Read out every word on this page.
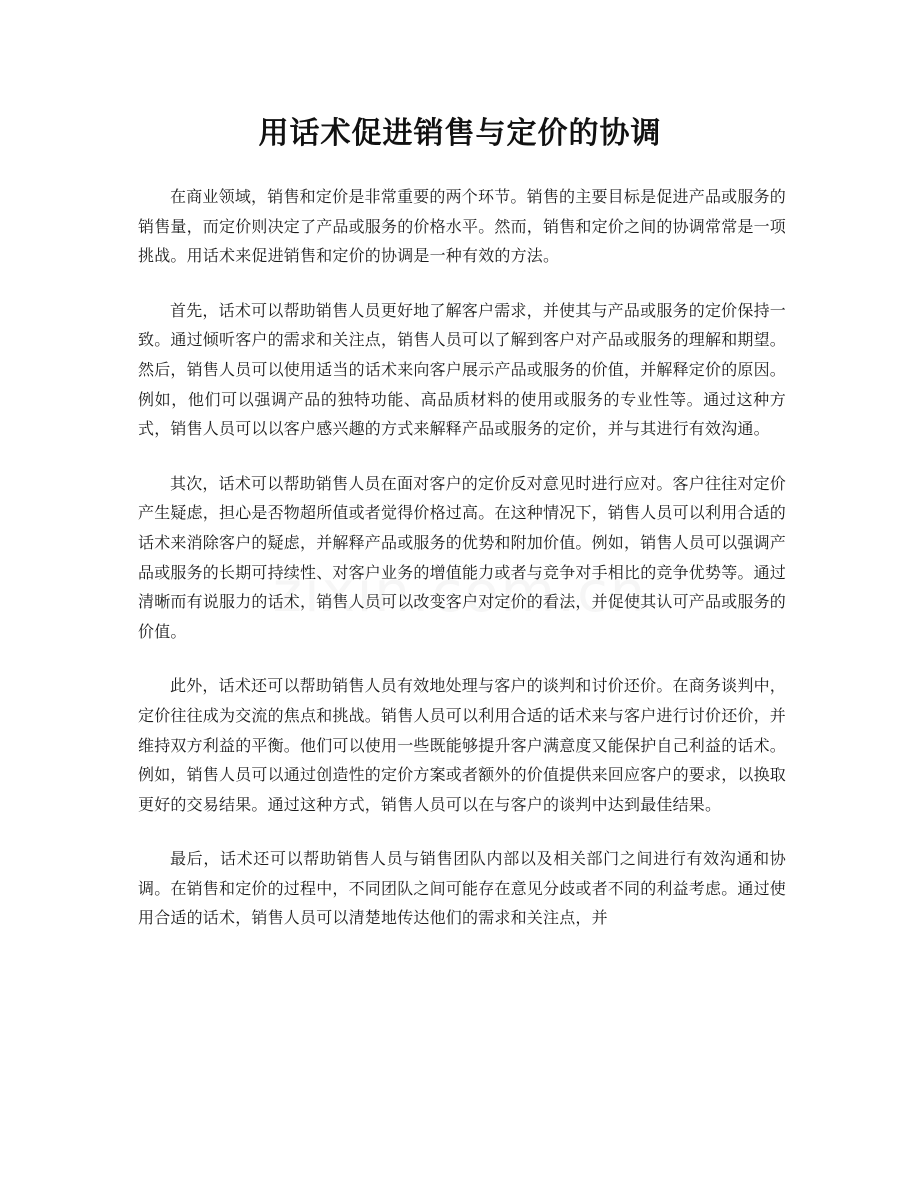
用话术促进销售与定价的协调

在商业领域，销售和定价是非常重要的两个环节。销售的主要目标是促进产品或服务的销售量，而定价则决定了产品或服务的价格水平。然而，销售和定价之间的协调常常是一项挑战。用话术来促进销售和定价的协调是一种有效的方法。

首先，话术可以帮助销售人员更好地了解客户需求，并使其与产品或服务的定价保持一致。通过倾听客户的需求和关注点，销售人员可以了解到客户对产品或服务的理解和期望。然后，销售人员可以使用适当的话术来向客户展示产品或服务的价值，并解释定价的原因。例如，他们可以强调产品的独特功能、高品质材料的使用或服务的专业性等。通过这种方式，销售人员可以以客户感兴趣的方式来解释产品或服务的定价，并与其进行有效沟通。

其次，话术可以帮助销售人员在面对客户的定价反对意见时进行应对。客户往往对定价产生疑虑，担心是否物超所值或者觉得价格过高。在这种情况下，销售人员可以利用合适的话术来消除客户的疑虑，并解释产品或服务的优势和附加价值。例如，销售人员可以强调产品或服务的长期可持续性、对客户业务的增值能力或者与竞争对手相比的竞争优势等。通过清晰而有说服力的话术，销售人员可以改变客户对定价的看法，并促使其认可产品或服务的价值。

此外，话术还可以帮助销售人员有效地处理与客户的谈判和讨价还价。在商务谈判中，定价往往成为交流的焦点和挑战。销售人员可以利用合适的话术来与客户进行讨价还价，并维持双方利益的平衡。他们可以使用一些既能够提升客户满意度又能保护自己利益的话术。例如，销售人员可以通过创造性的定价方案或者额外的价值提供来回应客户的要求，以换取更好的交易结果。通过这种方式，销售人员可以在与客户的谈判中达到最佳结果。

最后，话术还可以帮助销售人员与销售团队内部以及相关部门之间进行有效沟通和协调。在销售和定价的过程中，不同团队之间可能存在意见分歧或者不同的利益考虑。通过使用合适的话术，销售人员可以清楚地传达他们的需求和关注点，并
